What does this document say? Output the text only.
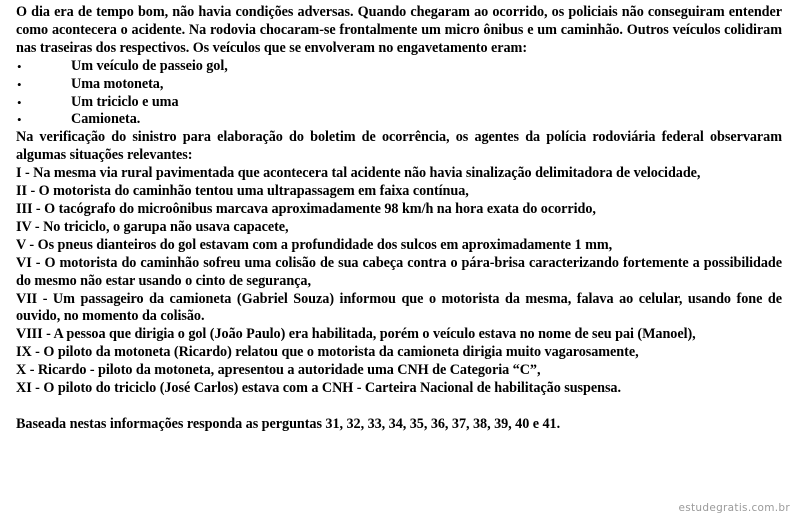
O dia era de tempo bom, não havia condições adversas. Quando chegaram ao ocorrido, os policiais não conseguiram entender como acontecera o acidente. Na rodovia chocaram-se frontalmente um micro ônibus e um caminhão. Outros veículos colidiram nas traseiras dos respectivos. Os veículos que se envolveram no engavetamento eram:

•	Um veículo de passeio gol,
•	Uma motoneta,
•	Um triciclo e uma
•	Camioneta.

Na verificação do sinistro para elaboração do boletim de ocorrência, os agentes da polícia rodoviária federal observaram algumas situações relevantes:

I - Na mesma via rural pavimentada que acontecera tal acidente não havia sinalização delimitadora de velocidade,

II - O motorista do caminhão tentou uma ultrapassagem em faixa contínua,

III - O tacógrafo do microônibus marcava aproximadamente 98 km/h na hora exata do ocorrido,

IV - No triciclo, o garupa não usava capacete,

V - Os pneus dianteiros do gol estavam com a profundidade dos sulcos em aproximadamente 1 mm,

VI - O motorista do caminhão sofreu uma colisão de sua cabeça contra o pára-brisa caracterizando fortemente a possibilidade do mesmo não estar usando o cinto de segurança,

VII - Um passageiro da camioneta (Gabriel Souza) informou que o motorista da mesma, falava ao celular, usando fone de ouvido, no momento da colisão.

VIII - A pessoa que dirigia o gol (João Paulo) era habilitada, porém o veículo estava no nome de seu pai (Manoel),

IX - O piloto da motoneta (Ricardo) relatou que o motorista da camioneta dirigia muito vagarosamente,

X - Ricardo - piloto da motoneta, apresentou a autoridade uma CNH de Categoria “C”,

XI - O piloto do triciclo (José Carlos) estava com a CNH - Carteira Nacional de habilitação suspensa.

Baseada nestas informações responda as perguntas 31, 32, 33, 34, 35, 36, 37, 38, 39, 40 e 41.

estudegratis.com.br
